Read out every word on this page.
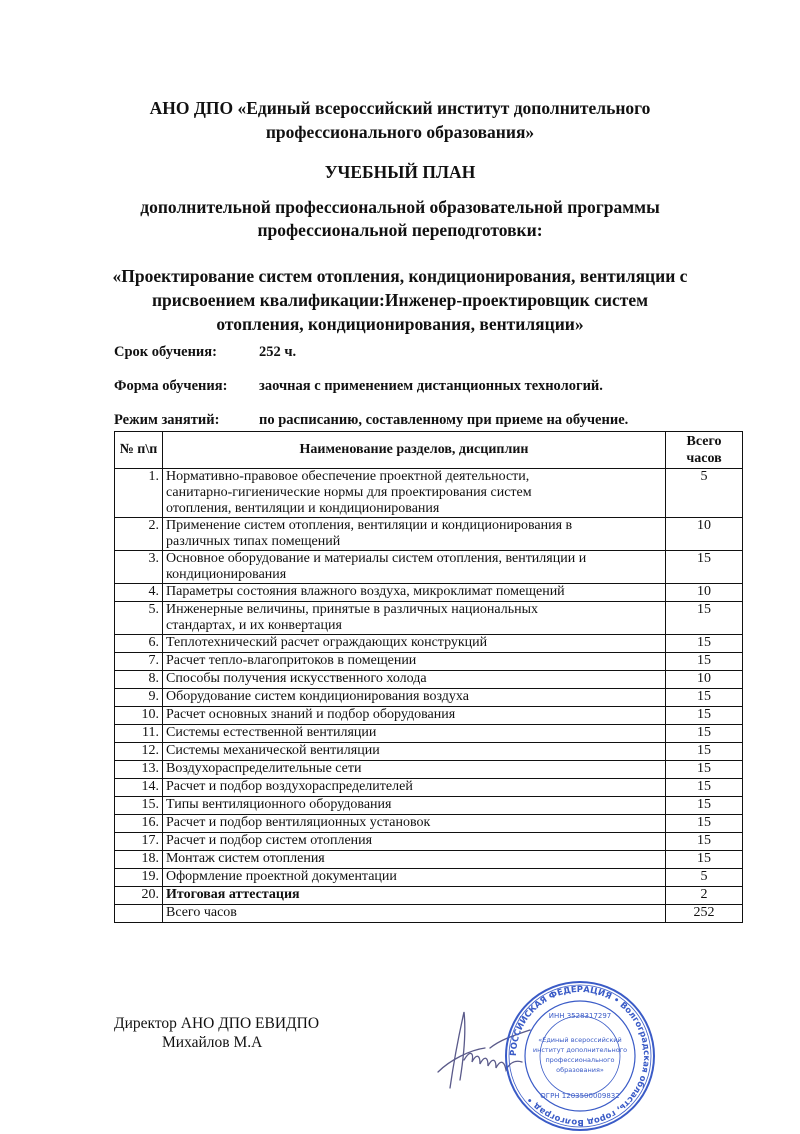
АНО ДПО «Единый всероссийский институт дополнительного
профессионального образования»
УЧЕБНЫЙ ПЛАН
дополнительной профессиональной образовательной программы
профессиональной переподготовки:
«Проектирование систем отопления, кондиционирования, вентиляции с
присвоением квалификации:Инженер-проектировщик систем
отопления, кондиционирования, вентиляции»
Срок обучения:	252 ч.
Форма обучения: заочная с применением дистанционных технологий.
Режим занятий:	по расписанию, составленному при приеме на обучение.
№ п\п	Наименование разделов, дисциплин	Всего
часов

1.	Нормативно-правовое обеспечение проектной деятельности,
санитарно-гигиенические нормы для проектирования систем
отопления, вентиляции и кондиционирования	5
2.	Применение систем отопления, вентиляции и кондиционирования в
различных типах помещений	10
3.	Основное оборудование и материалы систем отопления, вентиляции и
кондиционирования	15
4.	Параметры состояния влажного воздуха, микроклимат помещений	10
5.	Инженерные величины, принятые в различных национальных
стандартах, и их конвертация	15
6.	Теплотехнический расчет ограждающих конструкций	15
7.	Расчет тепло-влагопритоков в помещении	15
8.	Способы получения искусственного холода	10
9.	Оборудование систем кондиционирования воздуха	15
10.	Расчет основных знаний и подбор оборудования	15
11.	Системы естественной вентиляции	15
12.	Системы механической вентиляции	15
13.	Воздухораспределительные сети	15
14.	Расчет и подбор воздухораспределителей	15
15.	Типы вентиляционного оборудования	15
16.	Расчет и подбор вентиляционных установок	15
17.	Расчет и подбор систем отопления	15
18.	Монтаж систем отопления	15
19.	Оформление проектной документации	5
20.	Итоговая аттестация	2
	Всего часов	252
Директор АНО ДПО ЕВИДПО
Михайлов М.А
РОССИЙСКАЯ ФЕДЕРАЦИЯ • Волгоградская область, город Волгоград •
ИНН 3528317297
«Единый всероссийский
институт дополнительного
профессионального
образования»
ОГРН 1203500009832
